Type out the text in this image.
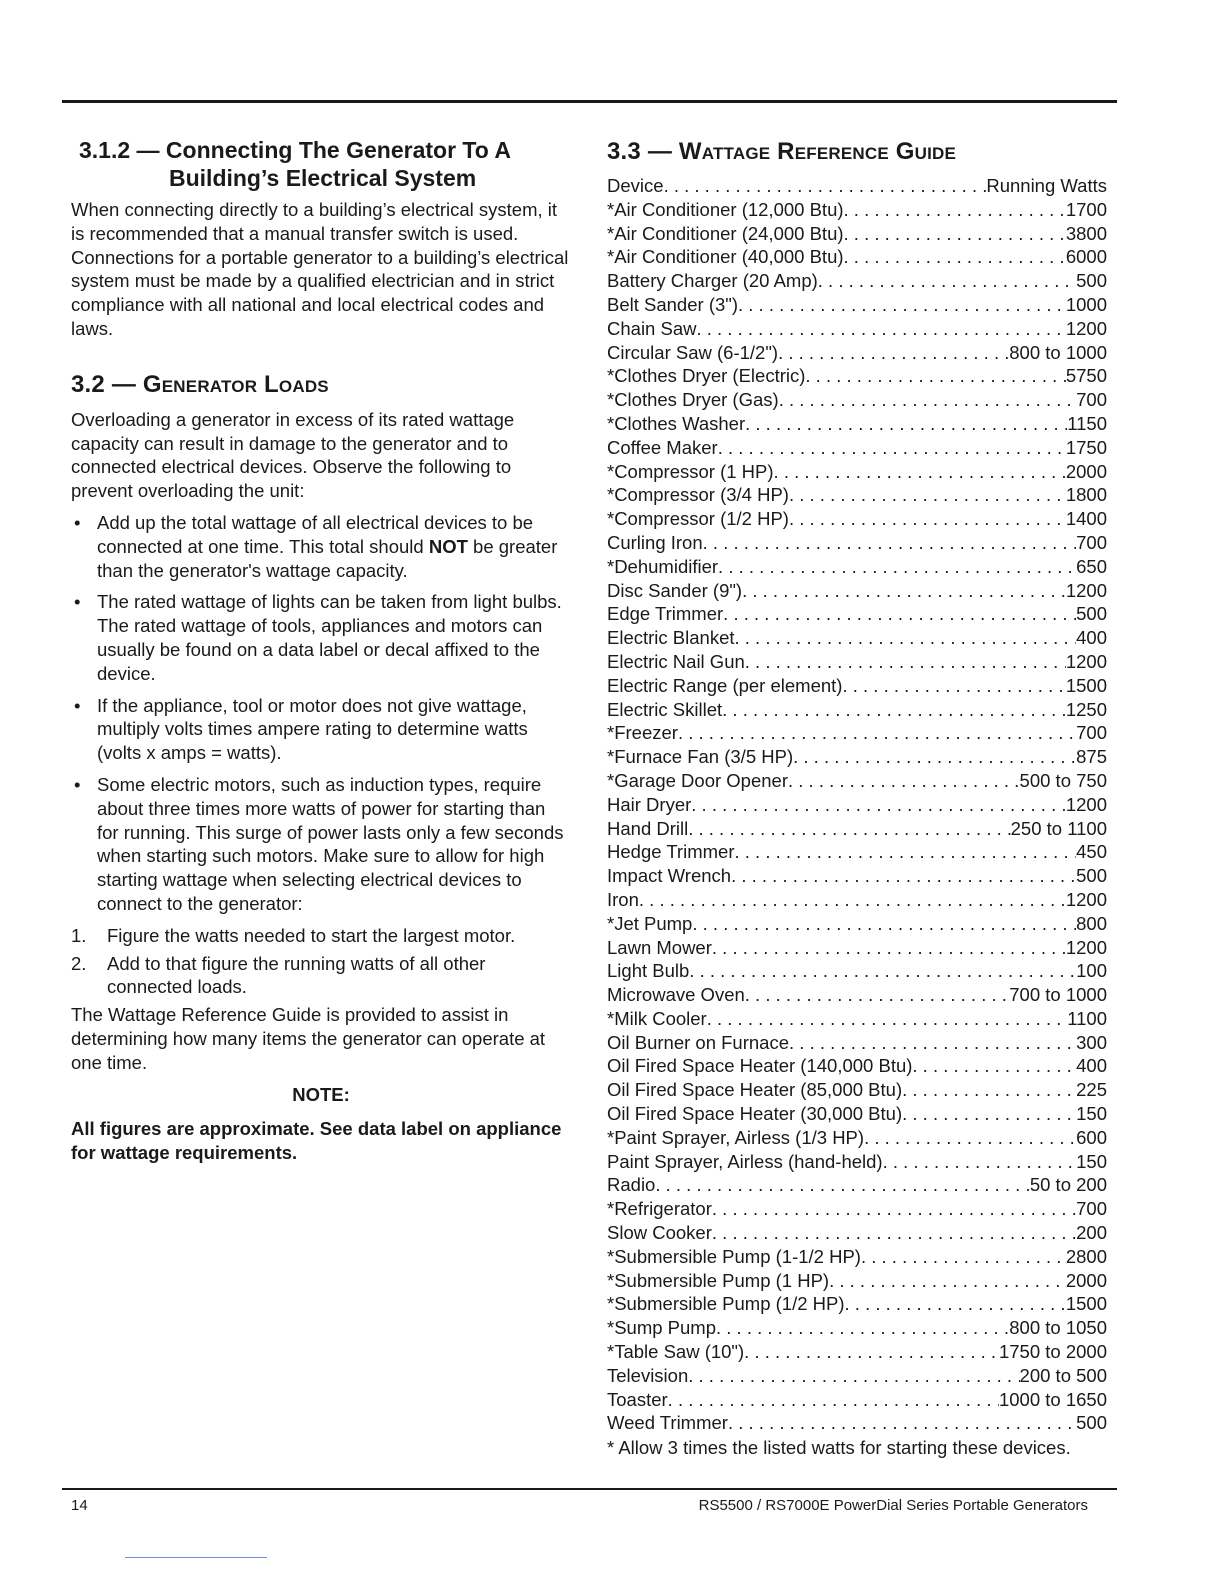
3.1.2 — Connecting The Generator To A
Building’s Electrical System

When connecting directly to a building’s electrical system, it is recommended that a manual transfer switch is used. Connections for a portable generator to a building’s electrical system must be made by a qualified electrician and in strict compliance with all national and local electrical codes and laws.

3.2 — Generator Loads

Overloading a generator in excess of its rated wattage capacity can result in damage to the generator and to connected electrical devices. Observe the following to prevent overloading the unit:

• Add up the total wattage of all electrical devices to be connected at one time. This total should NOT be greater than the generator's wattage capacity.
• The rated wattage of lights can be taken from light bulbs. The rated wattage of tools, appliances and motors can usually be found on a data label or decal affixed to the device.
• If the appliance, tool or motor does not give wattage, multiply volts times ampere rating to determine watts (volts x amps = watts).
• Some electric motors, such as induction types, require about three times more watts of power for starting than for running. This surge of power lasts only a few seconds when starting such motors. Make sure to allow for high starting wattage when selecting electrical devices to connect to the generator:
1. Figure the watts needed to start the largest motor.
2. Add to that figure the running watts of all other connected loads.

The Wattage Reference Guide is provided to assist in determining how many items the generator can operate at one time.

NOTE:

All figures are approximate. See data label on appliance for wattage requirements.

3.3 — Wattage Reference Guide
Device . . .	Running Watts
*Air Conditioner (12,000 Btu) . . .	1700
*Air Conditioner (24,000 Btu) . . .	3800
*Air Conditioner (40,000 Btu) . . .	6000
Battery Charger (20 Amp) . . .	500
Belt Sander (3") . . .	1000
Chain Saw . . .	1200
Circular Saw (6-1/2") . . .	800 to 1000
*Clothes Dryer (Electric) . . .	5750
*Clothes Dryer (Gas) . . .	700
*Clothes Washer . . .	1150
Coffee Maker . . .	1750
*Compressor (1 HP) . . .	2000
*Compressor (3/4 HP) . . .	1800
*Compressor (1/2 HP) . . .	1400
Curling Iron . . .	700
*Dehumidifier . . .	650
Disc Sander (9") . . .	1200
Edge Trimmer . . .	500
Electric Blanket . . .	400
Electric Nail Gun . . .	1200
Electric Range (per element) . . .	1500
Electric Skillet . . .	1250
*Freezer . . .	700
*Furnace Fan (3/5 HP) . . .	875
*Garage Door Opener . . .	500 to 750
Hair Dryer . . .	1200
Hand Drill . . .	250 to 1100
Hedge Trimmer . . .	450
Impact Wrench . . .	500
Iron . . .	1200
*Jet Pump . . .	800
Lawn Mower . . .	1200
Light Bulb . . .	100
Microwave Oven . . .	700 to 1000
*Milk Cooler . . .	1100
Oil Burner on Furnace . . .	300
Oil Fired Space Heater (140,000 Btu) . . .	400
Oil Fired Space Heater (85,000 Btu) . . .	225
Oil Fired Space Heater (30,000 Btu) . . .	150
*Paint Sprayer, Airless (1/3 HP) . . .	600
Paint Sprayer, Airless (hand-held) . . .	150
Radio . . .	50 to 200
*Refrigerator . . .	700
Slow Cooker . . .	200
*Submersible Pump (1-1/2 HP) . . .	2800
*Submersible Pump (1 HP) . . .	2000
*Submersible Pump (1/2 HP) . . .	1500
*Sump Pump . . .	800 to 1050
*Table Saw (10") . . .	1750 to 2000
Television . . .	200 to 500
Toaster . . .	1000 to 1650
Weed Trimmer . . .	500
* Allow 3 times the listed watts for starting these devices.
14	RS5500 / RS7000E PowerDial Series Portable Generators
